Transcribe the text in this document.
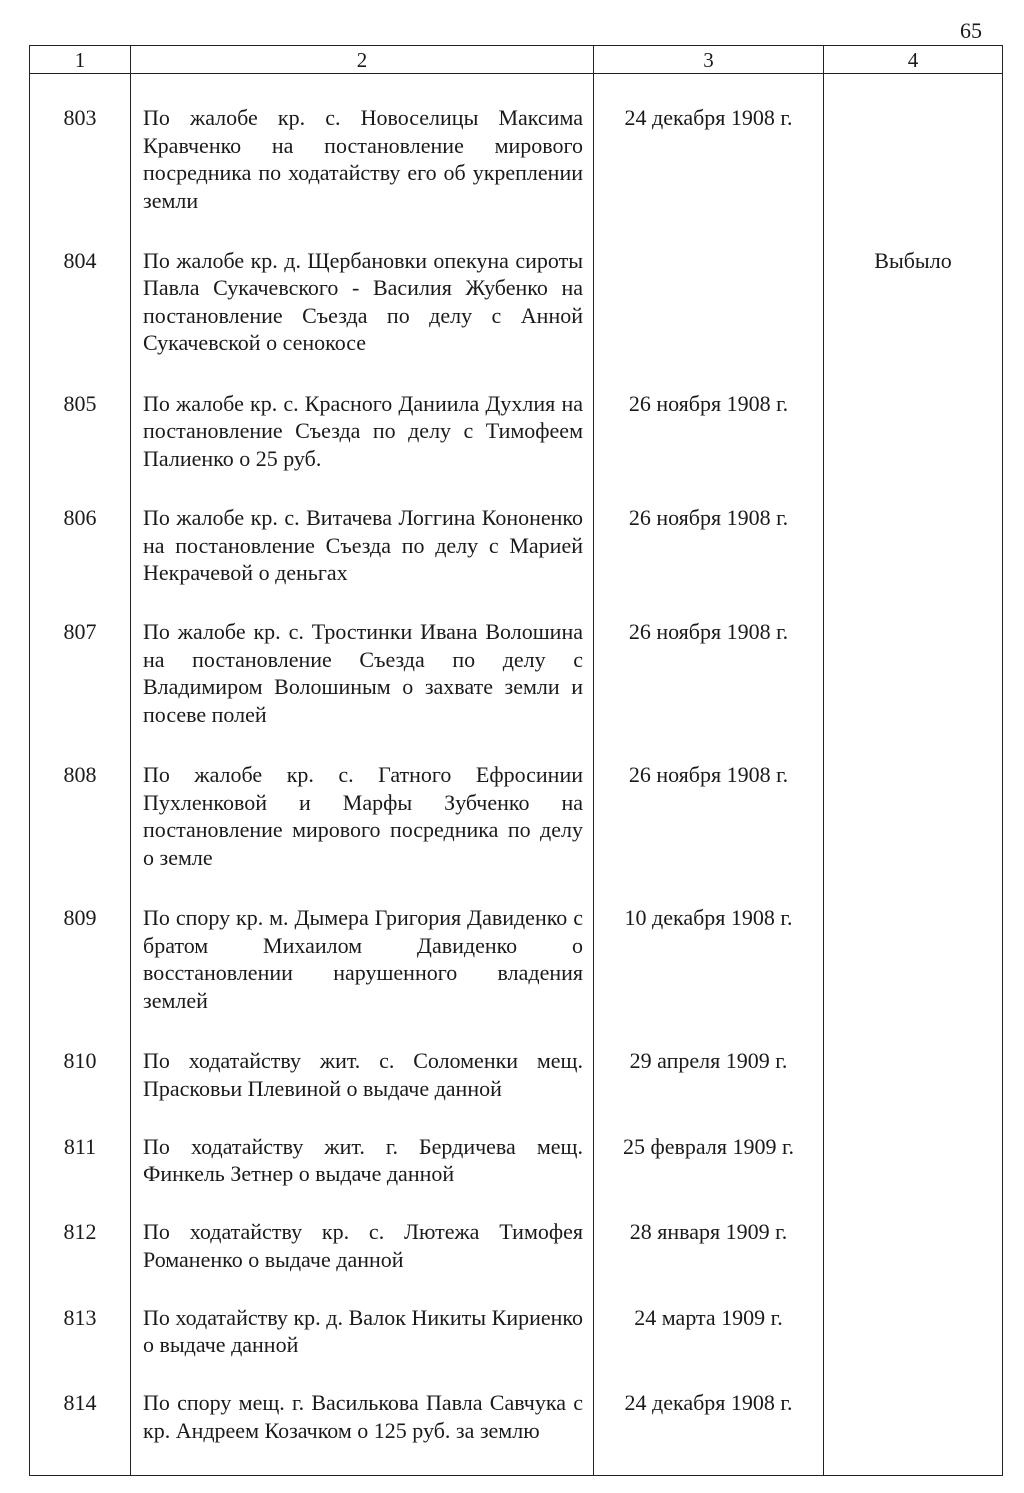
65
1	2	3	4

803	По жалобе кр. с. Новоселицы Максима Кравченко на постановление мирового посредника по ходатайству его об укреплении земли	24 декабря 1908 г.	
804	По жалобе кр. д. Щербановки опекуна сироты Павла Сукачевского - Василия Жубенко на постановление Съезда по делу с Анной Сукачевской о сенокосе		Выбыло
805	По жалобе кр. с. Красного Даниила Духлия на постановление Съезда по делу с Тимофеем Палиенко о 25 руб.	26 ноября 1908 г.	
806	По жалобе кр. с. Витачева Логгина Кононенко на постановление Съезда по делу с Марией Некрачевой о деньгах	26 ноября 1908 г.	
807	По жалобе кр. с. Тростинки Ивана Волошина на постановление Съезда по делу с Владимиром Волошиным о захвате земли и посеве полей	26 ноября 1908 г.	
808	По жалобе кр. с. Гатного Ефросинии Пухленковой и Марфы Зубченко на постановление мирового посредника по делу о земле	26 ноября 1908 г.	
809	По спору кр. м. Дымера Григория Давиденко с братом Михаилом Давиденко о восстановлении нарушенного владения землей	10 декабря 1908 г.	
810	По ходатайству жит. с. Соломенки мещ. Прасковьи Плевиной о выдаче данной	29 апреля 1909 г.	
811	По ходатайству жит. г. Бердичева мещ. Финкель Зетнер о выдаче данной	25 февраля 1909 г.	
812	По ходатайству кр. с. Лютежа Тимофея Романенко о выдаче данной	28 января 1909 г.	
813	По ходатайству кр. д. Валок Никиты Кириенко о выдаче данной	24 марта 1909 г.	
814	По спору мещ. г. Василькова Павла Савчука с кр. Андреем Козачком о 125 руб. за землю	24 декабря 1908 г.	
